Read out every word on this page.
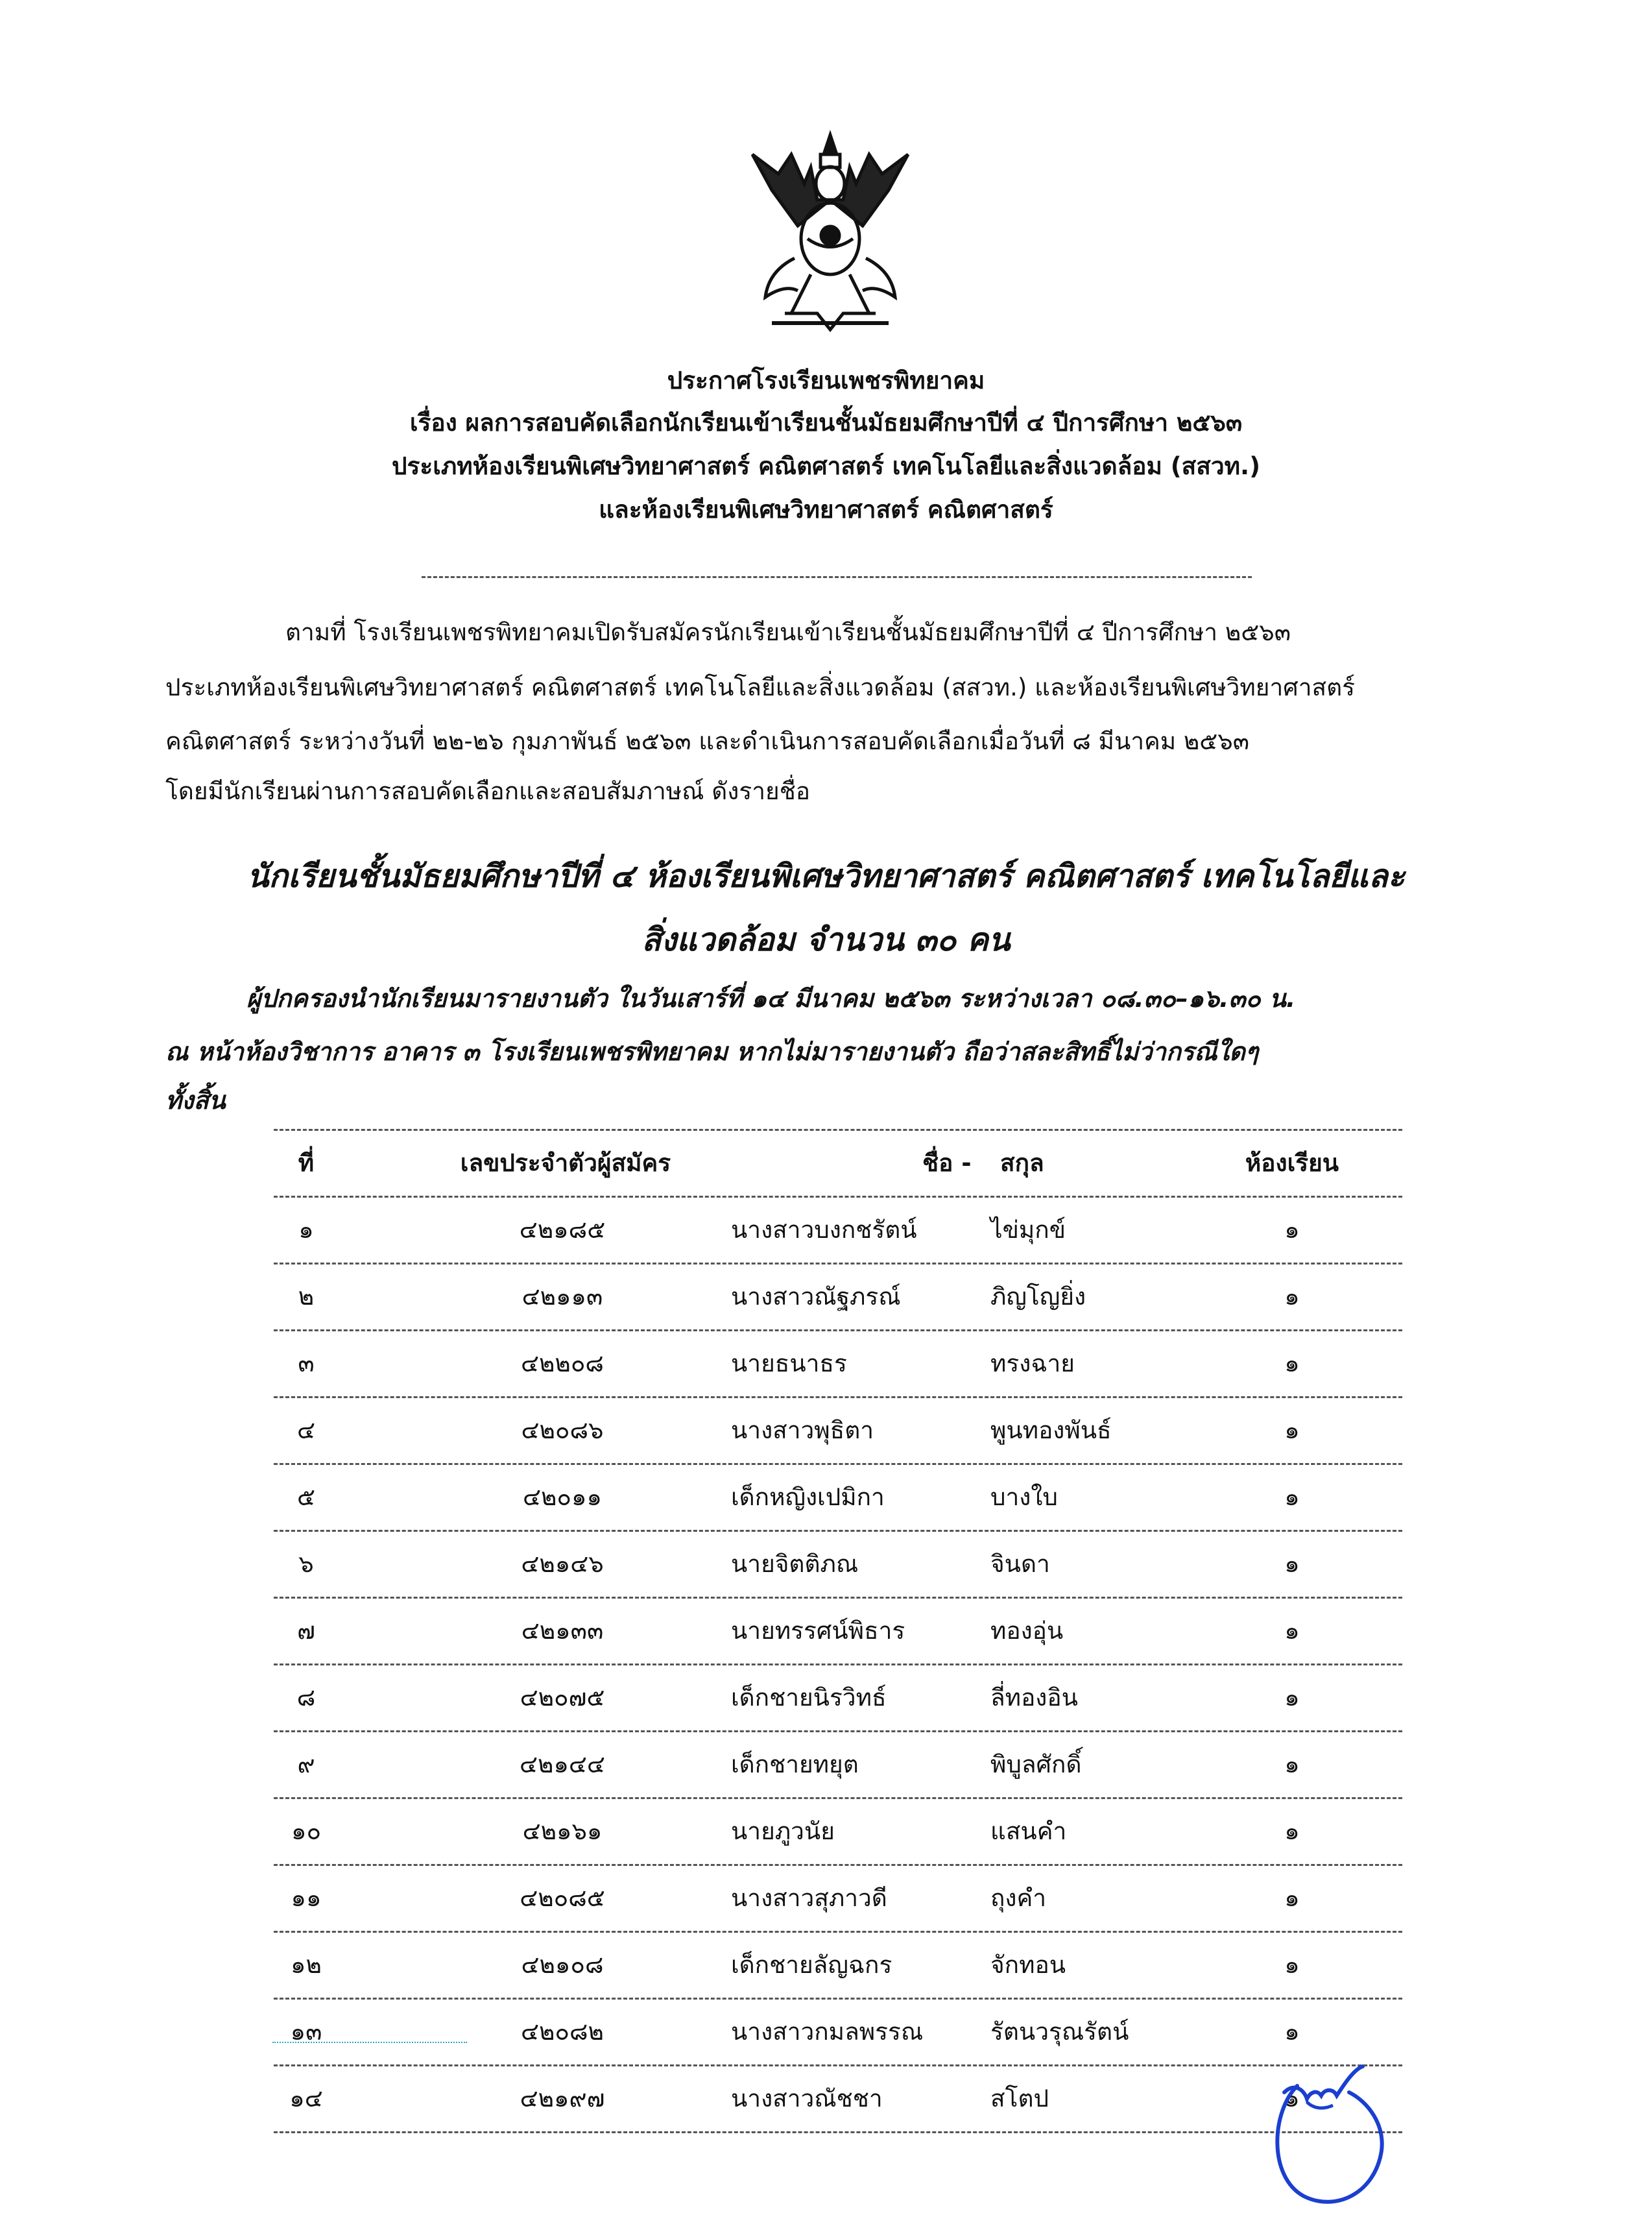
ประกาศโรงเรียนเพชรพิทยาคม
เรื่อง ผลการสอบคัดเลือกนักเรียนเข้าเรียนชั้นมัธยมศึกษาปีที่ ๔ ปีการศึกษา ๒๕๖๓
ประเภทห้องเรียนพิเศษวิทยาศาสตร์ คณิตศาสตร์ เทคโนโลยีและสิ่งแวดล้อม (สสวท.)
และห้องเรียนพิเศษวิทยาศาสตร์ คณิตศาสตร์
ตามที่ โรงเรียนเพชรพิทยาคมเปิดรับสมัครนักเรียนเข้าเรียนชั้นมัธยมศึกษาปีที่ ๔ ปีการศึกษา ๒๕๖๓
ประเภทห้องเรียนพิเศษวิทยาศาสตร์ คณิตศาสตร์ เทคโนโลยีและสิ่งแวดล้อม (สสวท.) และห้องเรียนพิเศษวิทยาศาสตร์
คณิตศาสตร์ ระหว่างวันที่ ๒๒-๒๖ กุมภาพันธ์ ๒๕๖๓ และดำเนินการสอบคัดเลือกเมื่อวันที่ ๘ มีนาคม ๒๕๖๓
โดยมีนักเรียนผ่านการสอบคัดเลือกและสอบสัมภาษณ์ ดังรายชื่อ
นักเรียนชั้นมัธยมศึกษาปีที่ ๔ ห้องเรียนพิเศษวิทยาศาสตร์ คณิตศาสตร์ เทคโนโลยีและ
สิ่งแวดล้อม จำนวน ๓๐ คน
ผู้ปกครองนำนักเรียนมารายงานตัว ในวันเสาร์ที่ ๑๔ มีนาคม ๒๕๖๓ ระหว่างเวลา ๐๘.๓๐–๑๖.๓๐ น.
ณ หน้าห้องวิชาการ อาคาร ๓ โรงเรียนเพชรพิทยาคม หากไม่มารายงานตัว ถือว่าสละสิทธิ์ไม่ว่ากรณีใดๆ
ทั้งสิ้น
ที่	เลขประจำตัวผู้สมัคร	ชื่อ - สกุล	ห้องเรียน
๑	๔๒๑๘๕	นางสาวบงกชรัตน์	ไข่มุกข์	๑
๒	๔๒๑๑๓	นางสาวณัฐภรณ์	ภิญโญยิ่ง	๑
๓	๔๒๒๐๘	นายธนาธร	ทรงฉาย	๑
๔	๔๒๐๘๖	นางสาวพุธิตา	พูนทองพันธ์	๑
๕	๔๒๐๑๑	เด็กหญิงเปมิกา	บางใบ	๑
๖	๔๒๑๔๖	นายจิตติภณ	จินดา	๑
๗	๔๒๑๓๓	นายทรรศน์พิธาร	ทองอุ่น	๑
๘	๔๒๐๗๕	เด็กชายนิรวิทธ์	ลี่ทองอิน	๑
๙	๔๒๑๔๔	เด็กชายทยุต	พิบูลศักดิ์	๑
๑๐	๔๒๑๖๑	นายภูวนัย	แสนคำ	๑
๑๑	๔๒๐๘๕	นางสาวสุภาวดี	ถุงคำ	๑
๑๒	๔๒๑๐๘	เด็กชายลัญฉกร	จักทอน	๑
๑๓	๔๒๐๘๒	นางสาวกมลพรรณ	รัตนวรุณรัตน์	๑
๑๔	๔๒๑๙๗	นางสาวณัชชา	สโตป	๑
